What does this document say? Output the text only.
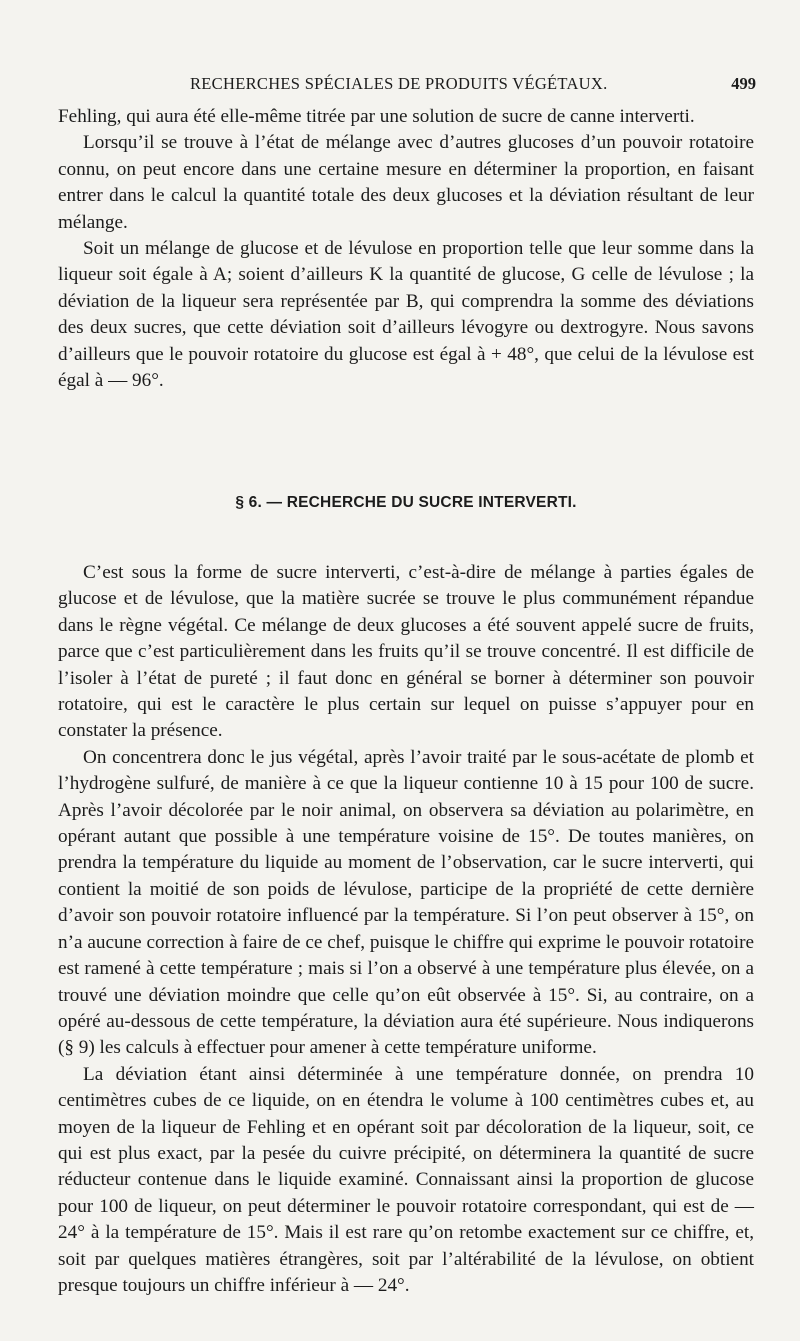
RECHERCHES SPÉCIALES DE PRODUITS VÉGÉTAUX.	499

Fehling, qui aura été elle-même titrée par une solution de sucre de canne interverti.

Lorsqu’il se trouve à l’état de mélange avec d’autres glucoses d’un pouvoir rotatoire connu, on peut encore dans une certaine mesure en déterminer la proportion, en faisant entrer dans le calcul la quantité totale des deux glucoses et la déviation résultant de leur mélange.

Soit un mélange de glucose et de lévulose en proportion telle que leur somme dans la liqueur soit égale à A; soient d’ailleurs K la quantité de glucose, G celle de lévulose ; la déviation de la liqueur sera représentée par B, qui comprendra la somme des déviations des deux sucres, que cette déviation soit d’ailleurs lévogyre ou dextrogyre. Nous savons d’ailleurs que le pouvoir rotatoire du glucose est égal à + 48°, que celui de la lévulose est égal à — 96°.

§ 6. — RECHERCHE DU SUCRE INTERVERTI.

C’est sous la forme de sucre interverti, c’est-à-dire de mélange à parties égales de glucose et de lévulose, que la matière sucrée se trouve le plus communément répandue dans le règne végétal. Ce mélange de deux glucoses a été souvent appelé sucre de fruits, parce que c’est particulièrement dans les fruits qu’il se trouve concentré. Il est difficile de l’isoler à l’état de pureté ; il faut donc en général se borner à déterminer son pouvoir rotatoire, qui est le caractère le plus certain sur lequel on puisse s’appuyer pour en constater la présence.

On concentrera donc le jus végétal, après l’avoir traité par le sous-acétate de plomb et l’hydrogène sulfuré, de manière à ce que la liqueur contienne 10 à 15 pour 100 de sucre. Après l’avoir décolorée par le noir animal, on observera sa déviation au polarimètre, en opérant autant que possible à une température voisine de 15°. De toutes manières, on prendra la température du liquide au moment de l’observation, car le sucre interverti, qui contient la moitié de son poids de lévulose, participe de la propriété de cette dernière d’avoir son pouvoir rotatoire influencé par la température. Si l’on peut observer à 15°, on n’a aucune correction à faire de ce chef, puisque le chiffre qui exprime le pouvoir rotatoire est ramené à cette température ; mais si l’on a observé à une température plus élevée, on a trouvé une déviation moindre que celle qu’on eût observée à 15°. Si, au contraire, on a opéré au-dessous de cette température, la déviation aura été supérieure. Nous indiquerons (§ 9) les calculs à effectuer pour amener à cette température uniforme.

La déviation étant ainsi déterminée à une température donnée, on prendra 10 centimètres cubes de ce liquide, on en étendra le volume à 100 centimètres cubes et, au moyen de la liqueur de Fehling et en opérant soit par décoloration de la liqueur, soit, ce qui est plus exact, par la pesée du cuivre précipité, on déterminera la quantité de sucre réducteur contenue dans le liquide examiné. Connaissant ainsi la proportion de glucose pour 100 de liqueur, on peut déterminer le pouvoir rotatoire correspondant, qui est de — 24° à la température de 15°. Mais il est rare qu’on retombe exactement sur ce chiffre, et, soit par quelques matières étrangères, soit par l’altérabilité de la lévulose, on obtient presque toujours un chiffre inférieur à — 24°.
